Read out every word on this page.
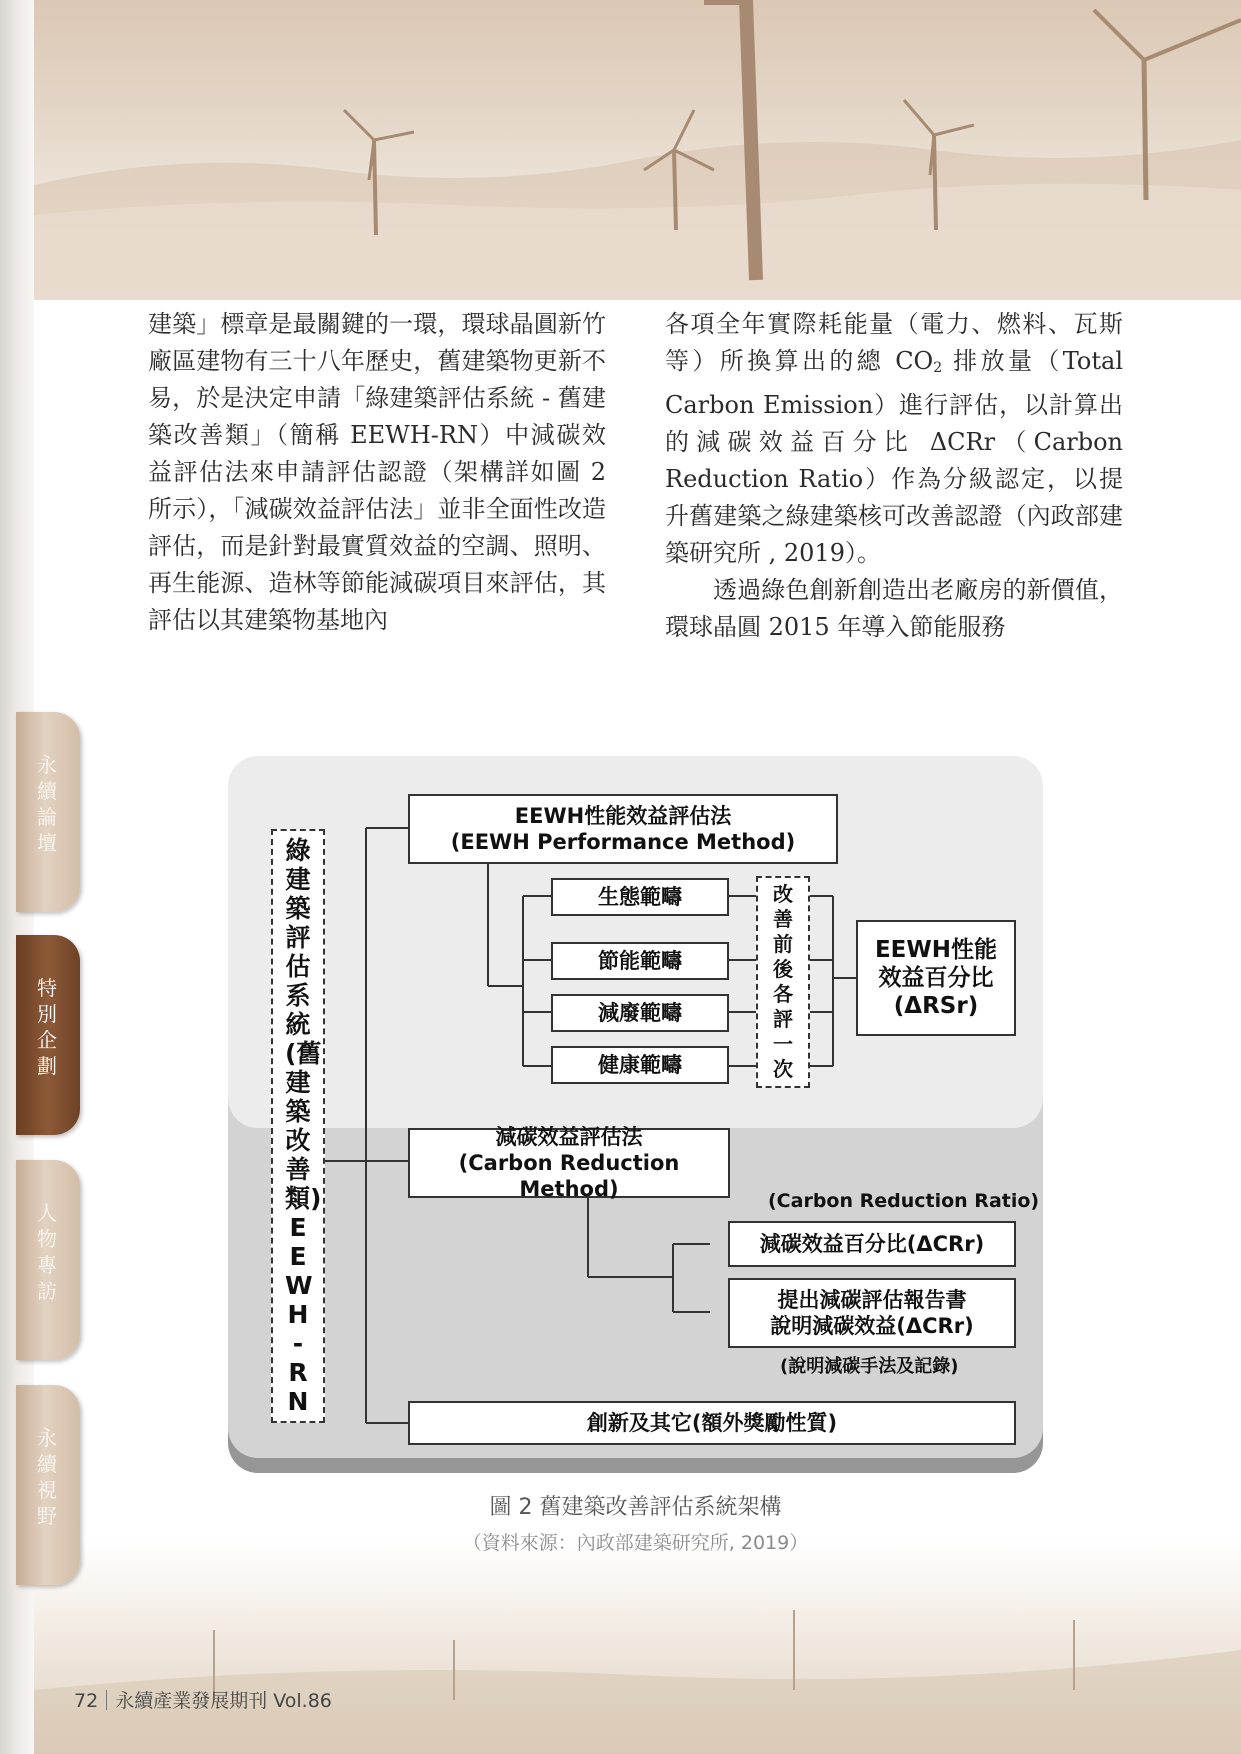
建築」標章是最關鍵的一環，環球晶圓新竹廠區建物有三十八年歷史，舊建築物更新不易，於是決定申請「綠建築評估系統 - 舊建築改善類」（簡稱 EEWH-RN）中減碳效益評估法來申請評估認證（架構詳如圖 2 所示），「減碳效益評估法」並非全面性改造評估，而是針對最實質效益的空調、照明、再生能源、造林等節能減碳項目來評估，其評估以其建築物基地內

各項全年實際耗能量（電力、燃料、瓦斯等）所換算出的總 $CO_2$ 排放量（Total Carbon Emission）進行評估，以計算出的減碳效益百分比 ΔCRr（Carbon Reduction Ratio）作為分級認定，以提升舊建築之綠建築核可改善認證（內政部建築研究所 , 2019）。

透過綠色創新創造出老廠房的新價值，環球晶圓 2015 年導入節能服務

永續論壇
特別企劃
人物專訪
永續視野
綠建築評估系統(舊建築改善類)EEWH-RN
EEWH性能效益評估法
(EEWH Performance Method)
生態範疇
節能範疇
減廢範疇
健康範疇
改善前後各評一次
EEWH性能
效益百分比
(ΔRSr)
減碳效益評估法
(Carbon Reduction Method)	(Carbon Reduction Ratio)
減碳效益百分比(ΔCRr)
提出減碳評估報告書
說明減碳效益(ΔCRr)
(說明減碳手法及記錄)
創新及其它(額外獎勵性質)
圖 2 舊建築改善評估系統架構
（資料來源：內政部建築研究所, 2019）
72 永續產業發展期刊 Vol.86
